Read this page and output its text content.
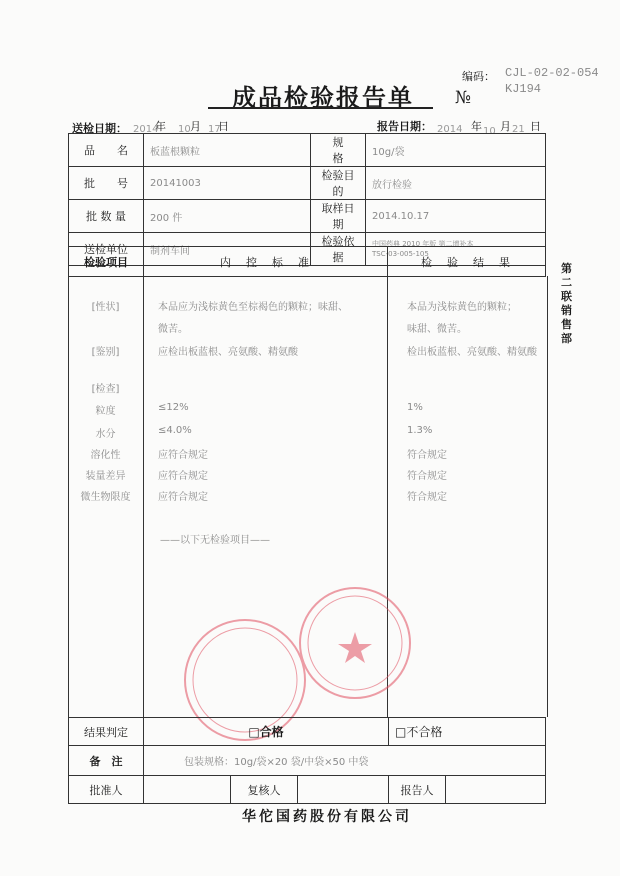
编码： CJL-02-02-054
KJ194
成品检验报告单 №
送检日期： 2014
年 10 月 17
日	报告日期： 2014 年 10 月 21 日
品　　名	板蓝根颗粒	规　　格	10g/袋
批　　号	20141003	检验目的	放行检验
批 数 量	200 件	取样日期	2014.10.17
送检单位	制剂车间	检验依据	中国药典 2010 年版 第二增补本
TSC-03-005-105
检验项目	内　控　标　准	检　验　结　果
[性状]	本品应为浅棕黄色至棕褐色的颗粒；味甜、	本品为浅棕黄色的颗粒；
微苦。	味甜、微苦。
[鉴别]	应检出板蓝根、亮氨酸、精氨酸	检出板蓝根、亮氨酸、精氨酸
[检查]
粒度	≤12%	1%
水分	≤4.0%	1.3%
溶化性	应符合规定	符合规定
装量差异	应符合规定	符合规定
微生物限度	应符合规定	符合规定
——以下无检验项目——
结果判定	□合格			□不合格	
备　注	包装规格：10g/袋×20 袋/中袋×50 中袋				
批准人		复核人		报告人	
第二联　销售部
华佗国药股份有限公司
